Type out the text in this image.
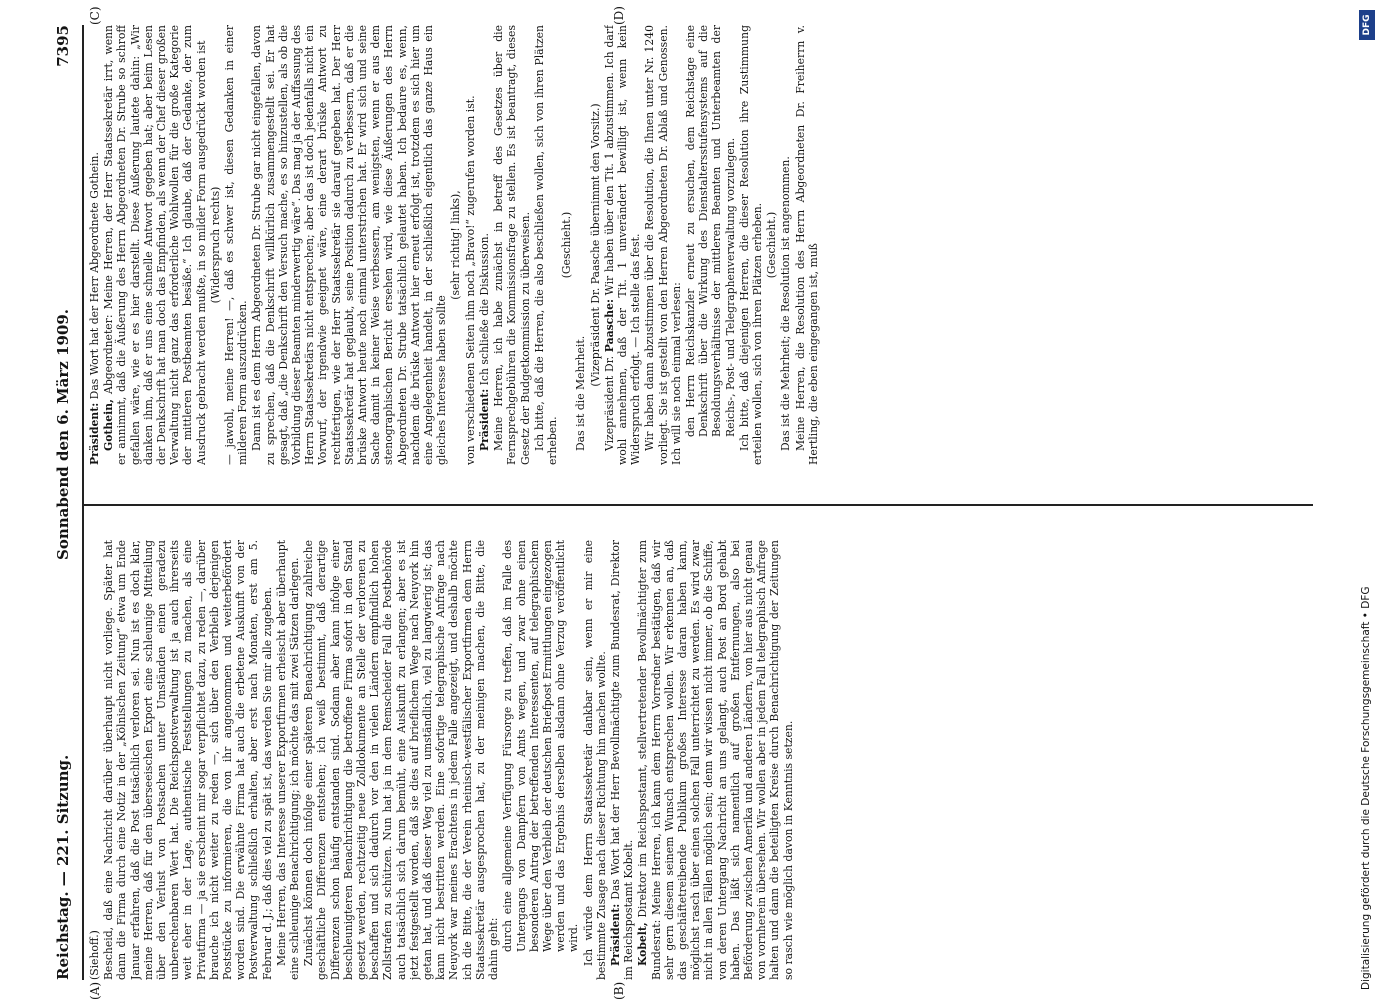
Reichstag. — 221. Sitzung.
Sonnabend den 6. März 1909.
7395
(A)	(B)
(C)	(D)

(Siehoff.) Bescheid, daß eine Nachricht darüber überhaupt nicht vorliege. Später hat dann die Firma durch eine Notiz in der „Kölnischen Zeitung“ etwa um Ende Januar erfahren, daß die Post tatsächlich verloren sei. Nun ist es doch klar, meine Herren, daß für den überseeischen Export eine schleunige Mitteilung über den Verlust von Postsachen unter Umständen einen geradezu unberechenbaren Wert hat. Die Reichspostverwaltung ist ja auch ihrerseits weit eher in der Lage, authentische Feststellungen zu machen, als eine Privatfirma — ja sie erscheint mir sogar verpflichtet dazu, zu reden —, darüber brauche ich nicht weiter zu reden —, sich über den Verbleib derjenigen Poststücke zu informieren, die von ihr angenommen und weiterbefördert worden sind. Die erwähnte Firma hat auch die erbetene Auskunft von der Postverwaltung schließlich erhalten, aber erst nach Monaten, erst am 5. Februar d. J.; daß dies viel zu spät ist, das werden Sie mir alle zugeben. Meine Herren, das Interesse unserer Exportfirmen erheischt aber überhaupt eine schleunige Benachrichtigung; ich möchte das mit zwei Sätzen darlegen. Zunächst können doch infolge einer späteren Benachrichtigung zahlreiche geschäftliche Differenzen entstehen; ich weiß bestimmt, daß derartige Differenzen schon häufig entstanden sind. Sodann aber kann infolge einer beschleunigteren Benachrichtigung die betroffene Firma sofort in den Stand gesetzt werden, rechtzeitig neue Zolldokumente an Stelle der verlorenen zu beschaffen und sich dadurch vor den in vielen Ländern empfindlich hohen Zollstrafen zu schützen. Nun hat ja in dem Remscheider Fall die Postbehörde auch tatsächlich sich darum bemüht, eine Auskunft zu erlangen; aber es ist jetzt festgestellt worden, daß sie dies auf brieflichem Wege nach Neuyork hin getan hat, und daß dieser Weg viel zu umständlich, viel zu langwierig ist; das kann nicht bestritten werden. Eine sofortige telegraphische Anfrage nach Neuyork war meines Erachtens in jedem Falle angezeigt, und deshalb möchte ich die Bitte, die der Verein rheinisch-westfälischer Exportfirmen dem Herrn Staatssekretär ausgesprochen hat, zu der meinigen machen, die Bitte, die dahin geht: durch eine allgemeine Verfügung Fürsorge zu treffen, daß im Falle des Untergangs von Dampfern von Amts wegen, und zwar ohne einen besonderen Antrag der betreffenden Interessenten, auf telegraphischem Wege über den Verbleib der deutschen Briefpost Ermittlungen eingezogen werden und das Ergebnis derselben alsdann ohne Verzug veröffentlicht wird. Ich würde dem Herrn Staatssekretär dankbar sein, wenn er mir eine bestimmte Zusage nach dieser Richtung hin machen wollte. Präsident: Das Wort hat der Herr Bevollmächtigte zum Bundesrat, Direktor im Reichspostamt Kobelt. Kobelt, Direktor im Reichspostamt, stellvertretender Bevollmächtigter zum Bundesrat: Meine Herren, ich kann dem Herrn Vorredner bestätigen, daß wir sehr gern diesem seinem Wunsch entsprechen wollen. Wir erkennen an, daß das geschäftetreibende Publikum großes Interesse daran haben kann, möglichst rasch über einen solchen Fall unterrichtet zu werden. Es wird zwar nicht in allen Fällen möglich sein; denn wir wissen nicht immer, ob die Schiffe, von deren Untergang Nachricht an uns gelangt, auch Post an Bord gehabt haben. Das läßt sich namentlich auf großen Entfernungen, also bei Beförderung zwischen Amerika und anderen Ländern, von hier aus nicht genau von vornherein übersehen. Wir wollen aber in jedem Fall telegraphisch Anfrage halten und dann die beteiligten Kreise durch Benachrichtigung der Zeitungen so rasch wie möglich davon in Kenntnis setzen.

Präsident: Das Wort hat der Herr Abgeordnete Gothein.

Gothein, Abgeordneter: Meine Herren, der Herr Staatssekretär irrt, wenn er annimmt, daß die Äußerung des Herrn Abgeordneten Dr. Strube so schroff gefallen wäre, wie er es hier darstellt. Diese Äußerung lautete dahin: „Wir danken ihm, daß er uns eine schnelle Antwort gegeben hat; aber beim Lesen der Denkschrift hat man doch das Empfinden, als wenn der Chef dieser großen Verwaltung nicht ganz das erforderliche Wohlwollen für die große Kategorie der mittleren Postbeamten besäße.“ Ich glaube, daß der Gedanke, der zum Ausdruck gebracht werden mußte, in so milder Form ausgedrückt worden ist (Widerspruch rechts) — jawohl, meine Herren! —, daß es schwer ist, diesen Gedanken in einer milderen Form auszudrücken. Dann ist es dem Herrn Abgeordneten Dr. Strube gar nicht eingefallen, davon zu sprechen, daß die Denkschrift willkürlich zusammengestellt sei. Er hat gesagt, daß „die Denkschrift den Versuch mache, es so hinzustellen, als ob die Vorbildung dieser Beamten minderwertig wäre“. Das mag ja der Auffassung des Herrn Staatssekretärs nicht entsprechen; aber das ist doch jedenfalls nicht ein Vorwurf, der irgendwie geeignet wäre, eine derart brüske Antwort zu rechtfertigen, wie der Herr Staatssekretär sie darauf gegeben hat. Der Herr Staatssekretär hat geglaubt, seine Position dadurch zu verbessern, daß er die brüske Antwort heute noch einmal unterstrichen hat. Er wird sich und seine Sache damit in keiner Weise verbessern, am wenigsten, wenn er aus dem stenographischen Bericht ersehen wird, wie diese Äußerungen des Herrn Abgeordneten Dr. Strube tatsächlich gelautet haben. Ich bedaure es, wenn, nachdem die brüske Antwort hier erneut erfolgt ist, trotzdem es sich hier um eine Angelegenheit handelt, in der schließlich eigentlich das ganze Haus ein gleiches Interesse haben sollte

(sehr richtig! links), von verschiedenen Seiten ihm noch „Bravo!“ zugerufen worden ist. Präsident: Ich schließe die Diskussion. Meine Herren, ich habe zunächst in betreff des Gesetzes über die Fernsprechgebühren die Kommissionsfrage zu stellen. Es ist beantragt, dieses Gesetz der Budgetkommission zu überweisen. Ich bitte, daß die Herren, die also beschließen wollen, sich von ihren Plätzen erheben.

(Geschieht.)

Das ist die Mehrheit.

(Vizepräsident Dr. Paasche übernimmt den Vorsitz.)

Vizepräsident Dr. Paasche: Wir haben über den Tit. 1 abzustimmen. Ich darf wohl annehmen, daß der Tit. 1 unverändert bewilligt ist, wenn kein Widerspruch erfolgt. — Ich stelle das fest. Wir haben dann abzustimmen über die Resolution, die Ihnen unter Nr. 1240 vorliegt. Sie ist gestellt von den Herren Abgeordneten Dr. Ablaß und Genossen. Ich will sie noch einmal verlesen: den Herrn Reichskanzler erneut zu ersuchen, dem Reichstage eine Denkschrift über die Wirkung des Dienstaltersstufensystems auf die Besoldungsverhältnisse der mittleren Beamten und Unterbeamten der Reichs-, Post- und Telegraphenverwaltung vorzulegen. Ich bitte, daß diejenigen Herren, die dieser Resolution ihre Zustimmung erteilen wollen, sich von ihren Plätzen erheben. (Geschieht.) Das ist die Mehrheit; die Resolution ist angenommen. Meine Herren, die Resolution des Herrn Abgeordneten Dr. Freiherrn v. Hertling, die eben eingegangen ist, muß

DFG
Digitalisierung gefördert durch die Deutsche Forschungsgemeinschaft • DFG
